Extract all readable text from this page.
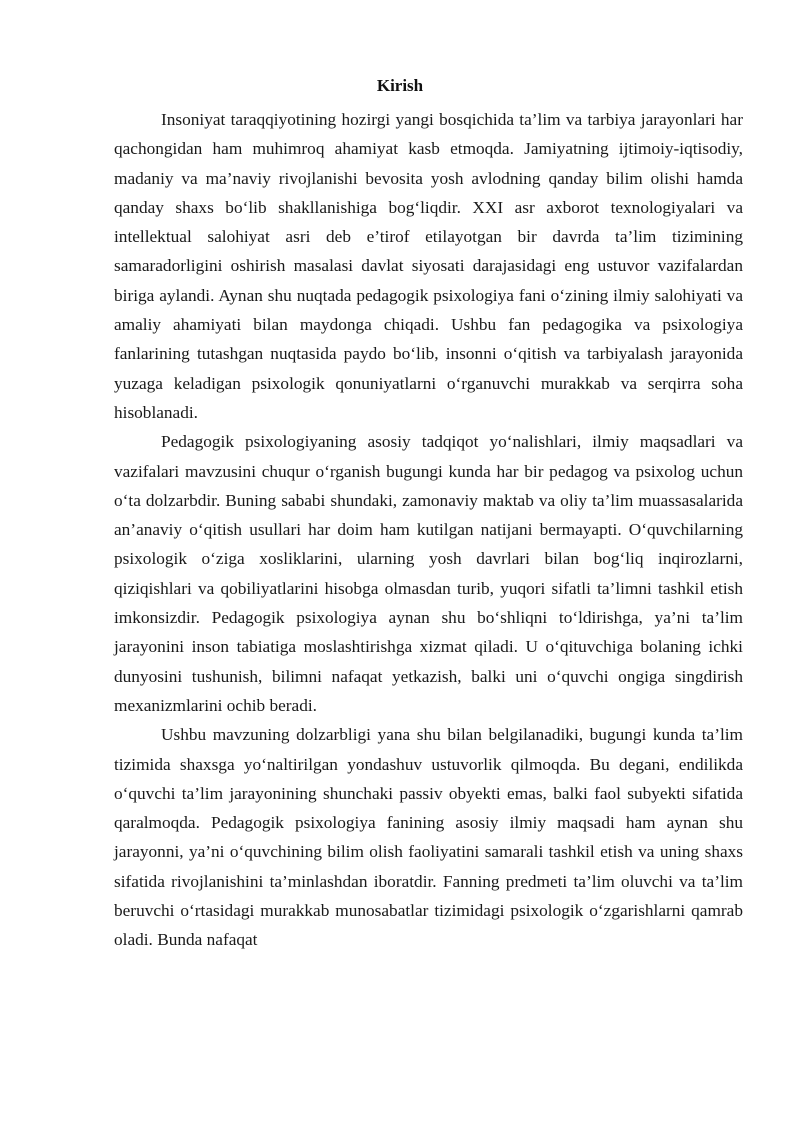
Kirish

Insoniyat taraqqiyotining hozirgi yangi bosqichida ta’lim va tarbiya jarayonlari har qachongidan ham muhimroq ahamiyat kasb etmoqda. Jamiyatning ijtimoiy-iqtisodiy, madaniy va ma’naviy rivojlanishi bevosita yosh avlodning qanday bilim olishi hamda qanday shaxs bo‘lib shakllanishiga bog‘liqdir. XXI asr axborot texnologiyalari va intellektual salohiyat asri deb e’tirof etilayotgan bir davrda ta’lim tizimining samaradorligini oshirish masalasi davlat siyosati darajasidagi eng ustuvor vazifalardan biriga aylandi. Aynan shu nuqtada pedagogik psixologiya fani o‘zining ilmiy salohiyati va amaliy ahamiyati bilan maydonga chiqadi. Ushbu fan pedagogika va psixologiya fanlarining tutashgan nuqtasida paydo bo‘lib, insonni o‘qitish va tarbiyalash jarayonida yuzaga keladigan psixologik qonuniyatlarni o‘rganuvchi murakkab va serqirra soha hisoblanadi.

Pedagogik psixologiyaning asosiy tadqiqot yo‘nalishlari, ilmiy maqsadlari va vazifalari mavzusini chuqur o‘rganish bugungi kunda har bir pedagog va psixolog uchun o‘ta dolzarbdir. Buning sababi shundaki, zamonaviy maktab va oliy ta’lim muassasalarida an’anaviy o‘qitish usullari har doim ham kutilgan natijani bermayapti. O‘quvchilarning psixologik o‘ziga xosliklarini, ularning yosh davrlari bilan bog‘liq inqirozlarni, qiziqishlari va qobiliyatlarini hisobga olmasdan turib, yuqori sifatli ta’limni tashkil etish imkonsizdir. Pedagogik psixologiya aynan shu bo‘shliqni to‘ldirishga, ya’ni ta’lim jarayonini inson tabiatiga moslashtirishga xizmat qiladi. U o‘qituvchiga bolaning ichki dunyosini tushunish, bilimni nafaqat yetkazish, balki uni o‘quvchi ongiga singdirish mexanizmlarini ochib beradi.

Ushbu mavzuning dolzarbligi yana shu bilan belgilanadiki, bugungi kunda ta’lim tizimida shaxsga yo‘naltirilgan yondashuv ustuvorlik qilmoqda. Bu degani, endilikda o‘quvchi ta’lim jarayonining shunchaki passiv obyekti emas, balki faol subyekti sifatida qaralmoqda. Pedagogik psixologiya fanining asosiy ilmiy maqsadi ham aynan shu jarayonni, ya’ni o‘quvchining bilim olish faoliyatini samarali tashkil etish va uning shaxs sifatida rivojlanishini ta’minlashdan iboratdir. Fanning predmeti ta’lim oluvchi va ta’lim beruvchi o‘rtasidagi murakkab munosabatlar tizimidagi psixologik o‘zgarishlarni qamrab oladi. Bunda nafaqat
